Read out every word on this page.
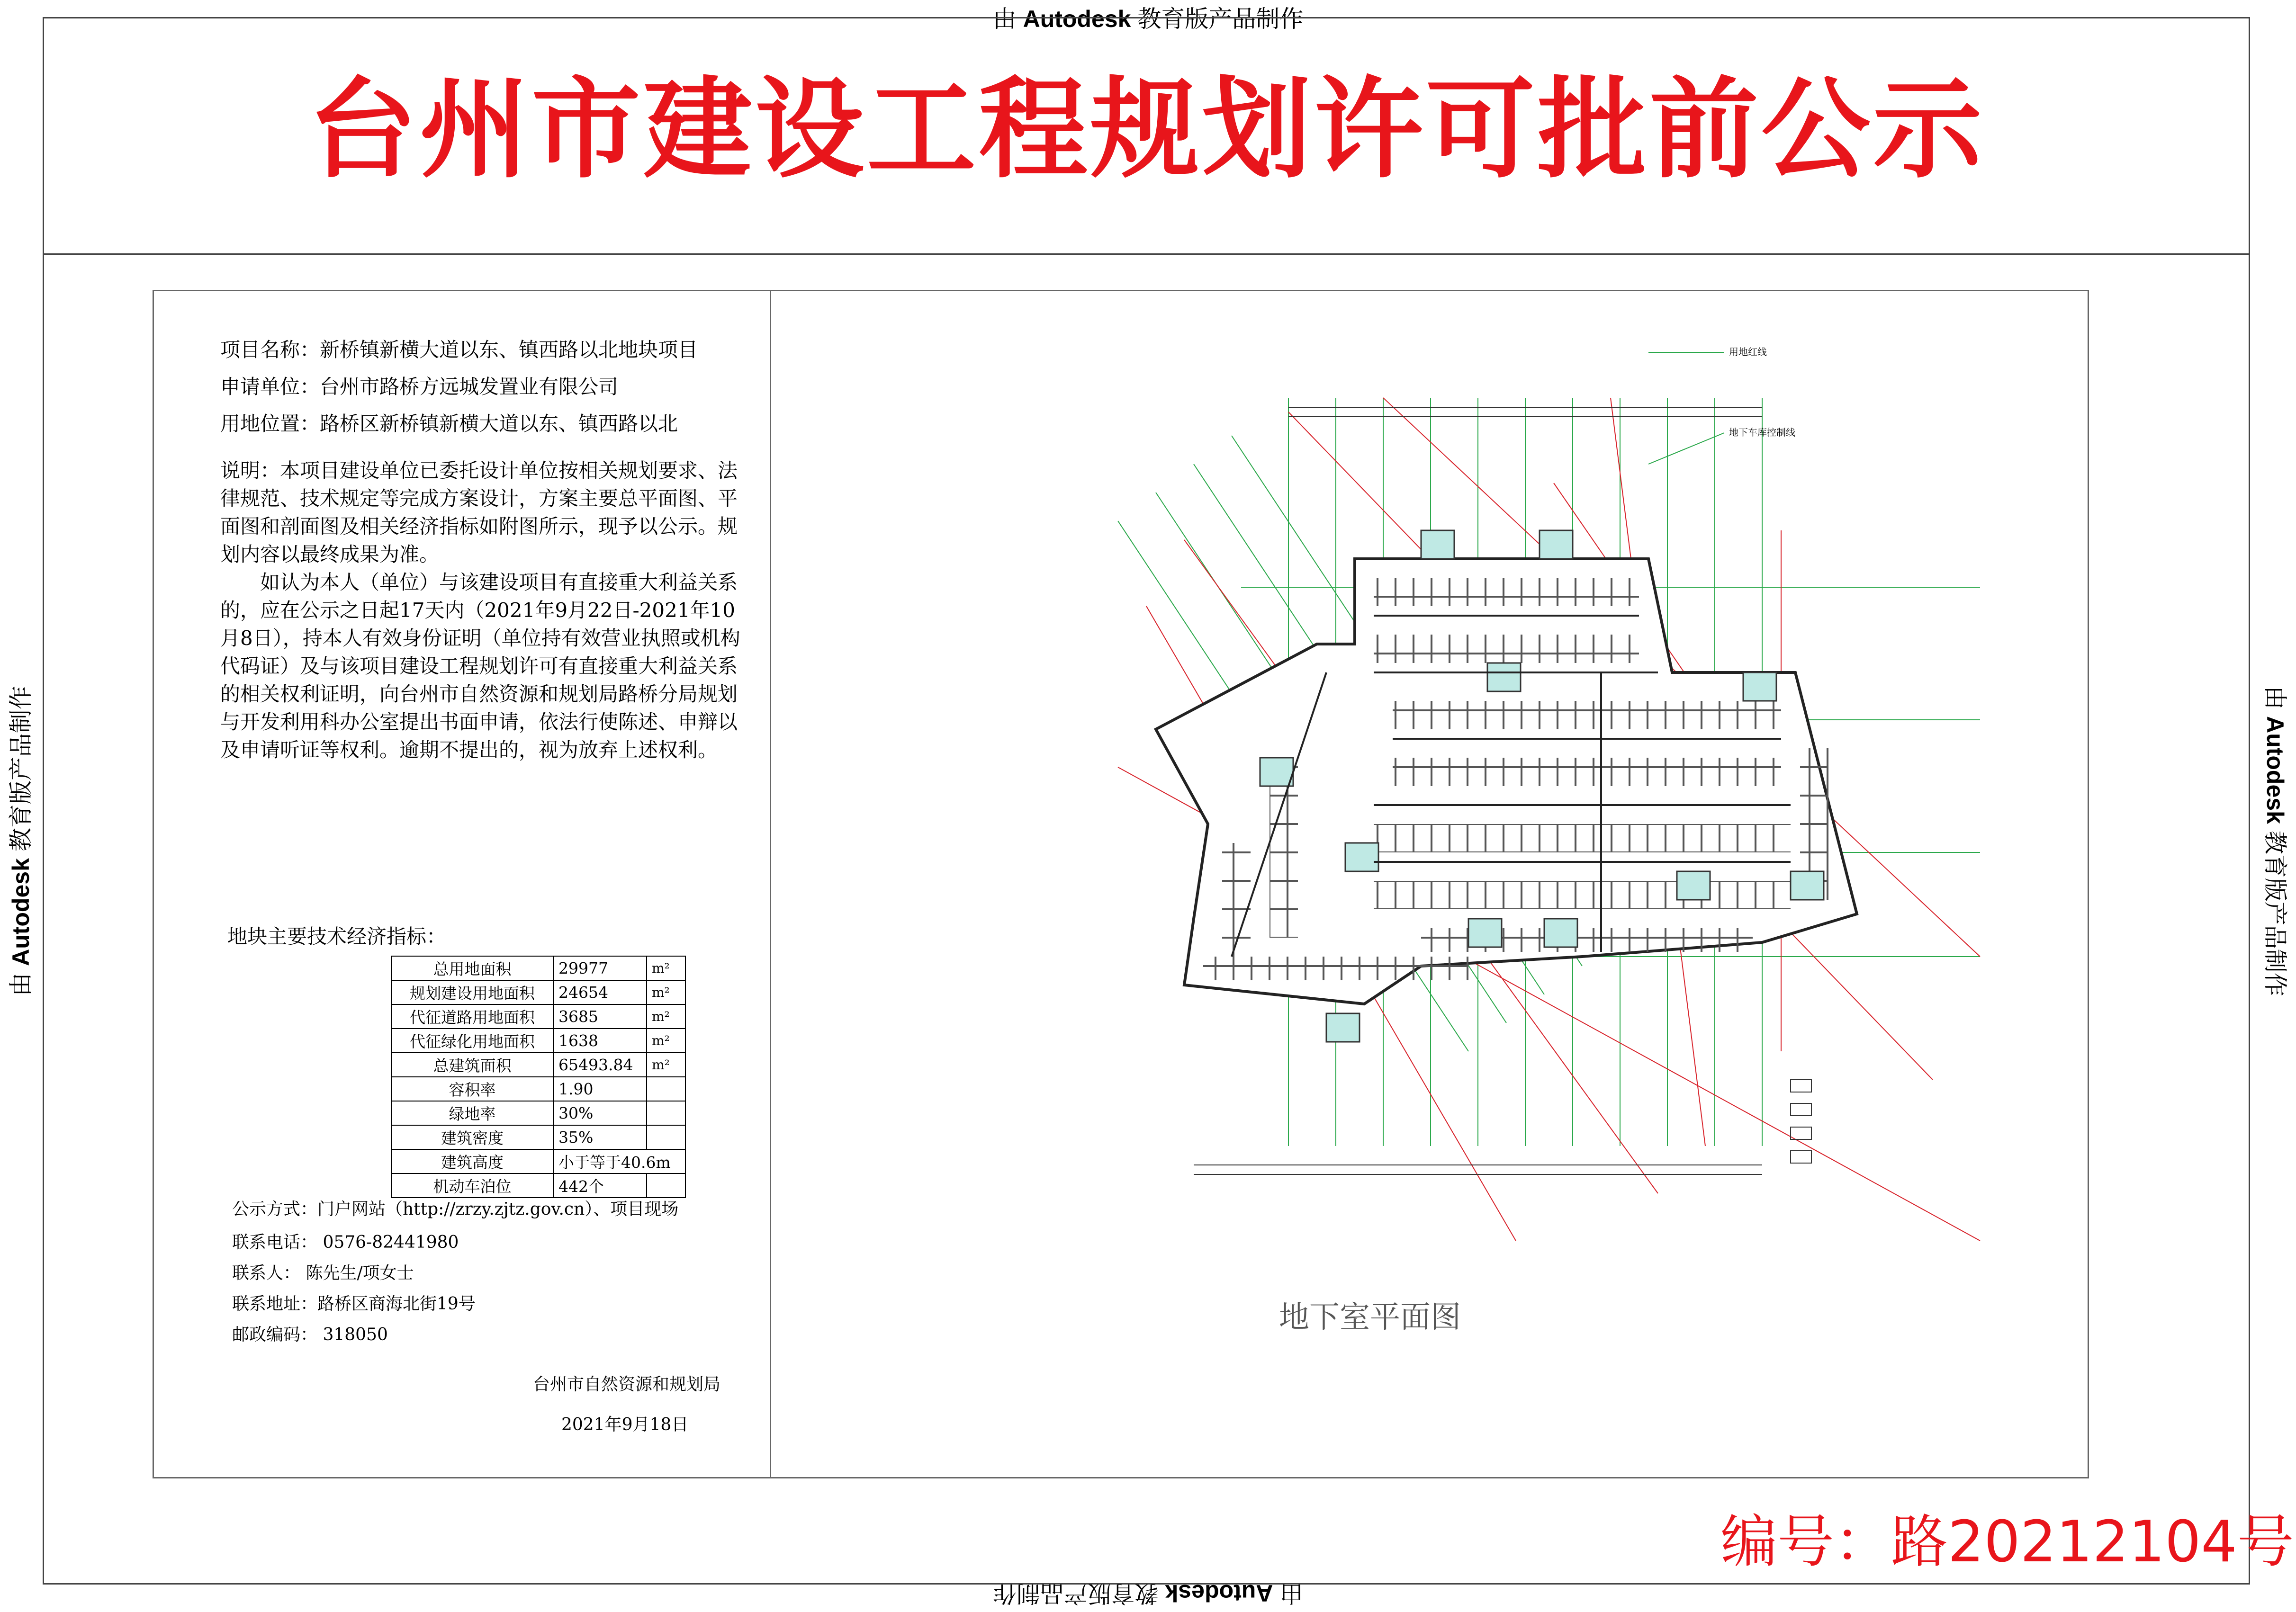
由 Autodesk 教育版产品制作
由 Autodesk 教育版产品制作
由 Autodesk 教育版产品制作	由 Autodesk 教育版产品制作
台州市建设工程规划许可批前公示
项目名称：新桥镇新横大道以东、镇西路以北地块项目
申请单位：台州市路桥方远城发置业有限公司
用地位置：路桥区新桥镇新横大道以东、镇西路以北

说明：本项目建设单位已委托设计单位按相关规划要求、法律规范、技术规定等完成方案设计，方案主要总平面图、平面图和剖面图及相关经济指标如附图所示，现予以公示。规划内容以最终成果为准。

如认为本人（单位）与该建设项目有直接重大利益关系的，应在公示之日起17天内（2021年9月22日-2021年10月8日），持本人有效身份证明（单位持有效营业执照或机构代码证）及与该项目建设工程规划许可有直接重大利益关系的相关权利证明，向台州市自然资源和规划局路桥分局规划与开发利用科办公室提出书面申请，依法行使陈述、申辩以及申请听证等权利。逾期不提出的，视为放弃上述权利。

地块主要技术经济指标：
总用地面积	29977	m²
规划建设用地面积	24654	m²
代征道路用地面积	3685	m²
代征绿化用地面积	1638	m²
总建筑面积	65493.84	m²
容积率	1.90	
绿地率	30%	
建筑密度	35%	
建筑高度	小于等于40.6m	
机动车泊位	442个	
公示方式：门户网站（http://zrzy.zjtz.gov.cn）、项目现场
联系电话： 0576-82441980
联系人： 陈先生/项女士
联系地址：路桥区商海北街19号
邮政编码： 318050
台州市自然资源和规划局
2021年9月18日
用地红线
地下车库控制线
地下室平面图
编号：路20212104号
